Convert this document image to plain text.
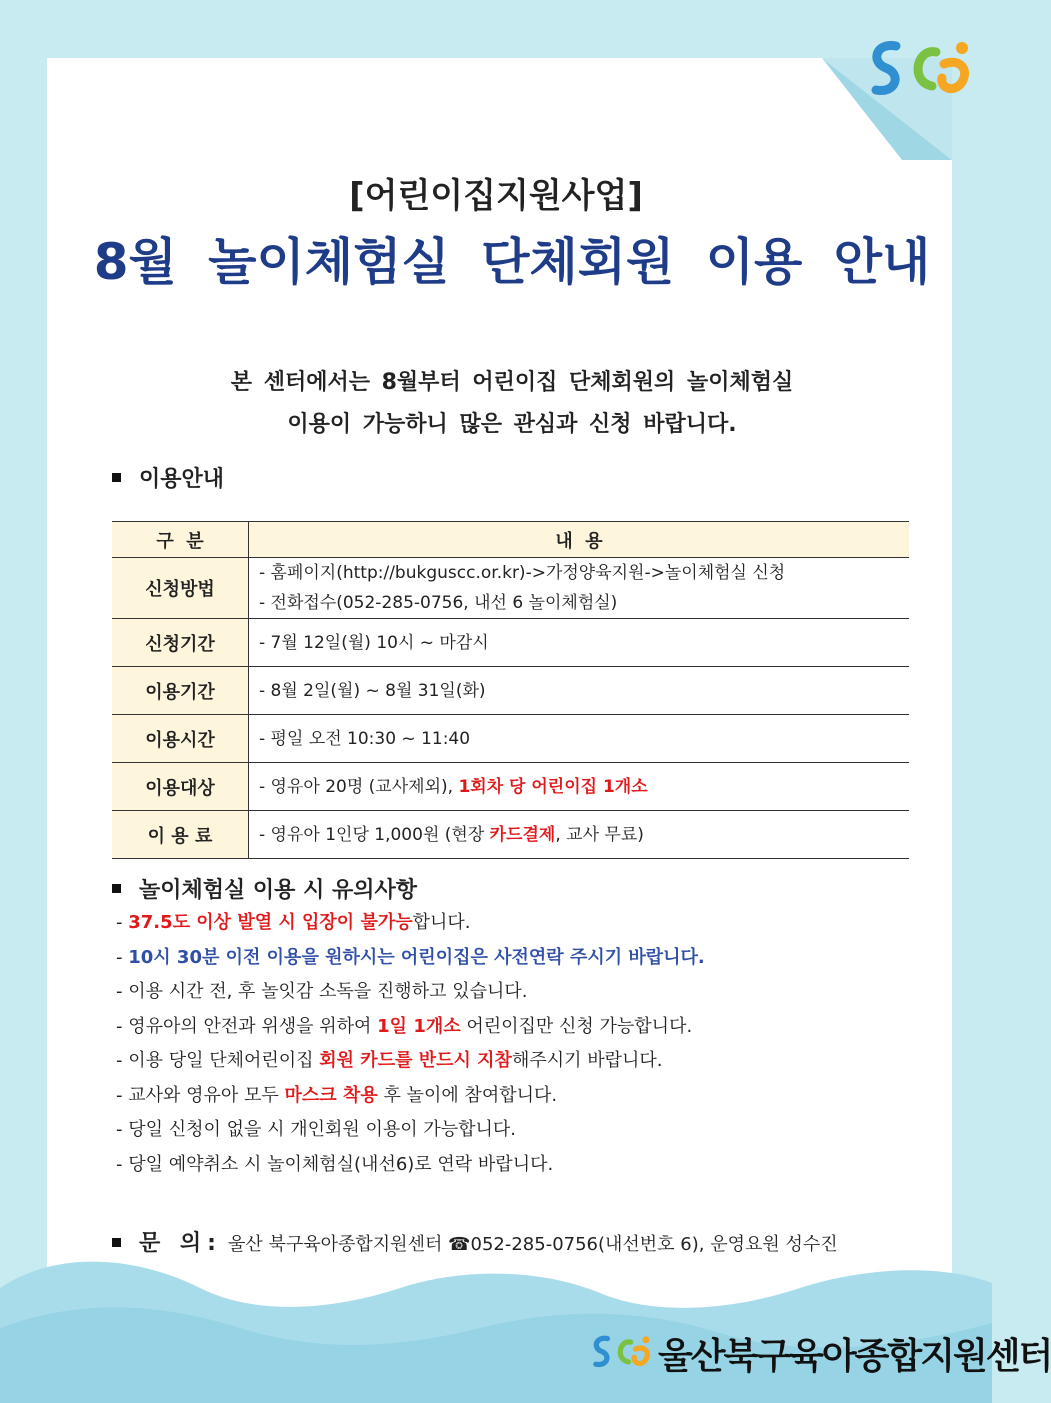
[어린이집지원사업]
8월 놀이체험실 단체회원 이용 안내
본 센터에서는 8월부터 어린이집 단체회원의 놀이체험실
이용이 가능하니 많은 관심과 신청 바랍니다.
이용안내
구  분	내  용
신청방법	- 홈페이지(http://bukguscc.or.kr)->가정양육지원->놀이체험실 신청
- 전화접수(052-285-0756, 내선 6 놀이체험실)

신청기간	- 7월 12일(월) 10시 ~ 마감시
이용기간	- 8월 2일(월) ~ 8월 31일(화)
이용시간	- 평일 오전 10:30 ~ 11:40
이용대상	- 영유아 20명 (교사제외), 1회차 당 어린이집 1개소
이 용 료	- 영유아 1인당 1,000원 (현장 카드결제, 교사 무료)
놀이체험실 이용 시 유의사항
- 37.5도 이상 발열 시 입장이 불가능합니다.
- 10시 30분 이전 이용을 원하시는 어린이집은 사전연락 주시기 바랍니다.
- 이용 시간 전, 후 놀잇감 소독을 진행하고 있습니다.
- 영유아의 안전과 위생을 위하여 1일 1개소 어린이집만 신청 가능합니다.
- 이용 당일 단체어린이집 회원 카드를 반드시 지참해주시기 바랍니다.
- 교사와 영유아 모두 마스크 착용 후 놀이에 참여합니다.
- 당일 신청이 없을 시 개인회원 이용이 가능합니다.
- 당일 예약취소 시 놀이체험실(내선6)로 연락 바랍니다.
문 의: 울산 북구육아종합지원센터 ☎052-285-0756(내선번호 6), 운영요원 성수진
울산북구육아종합지원센터
